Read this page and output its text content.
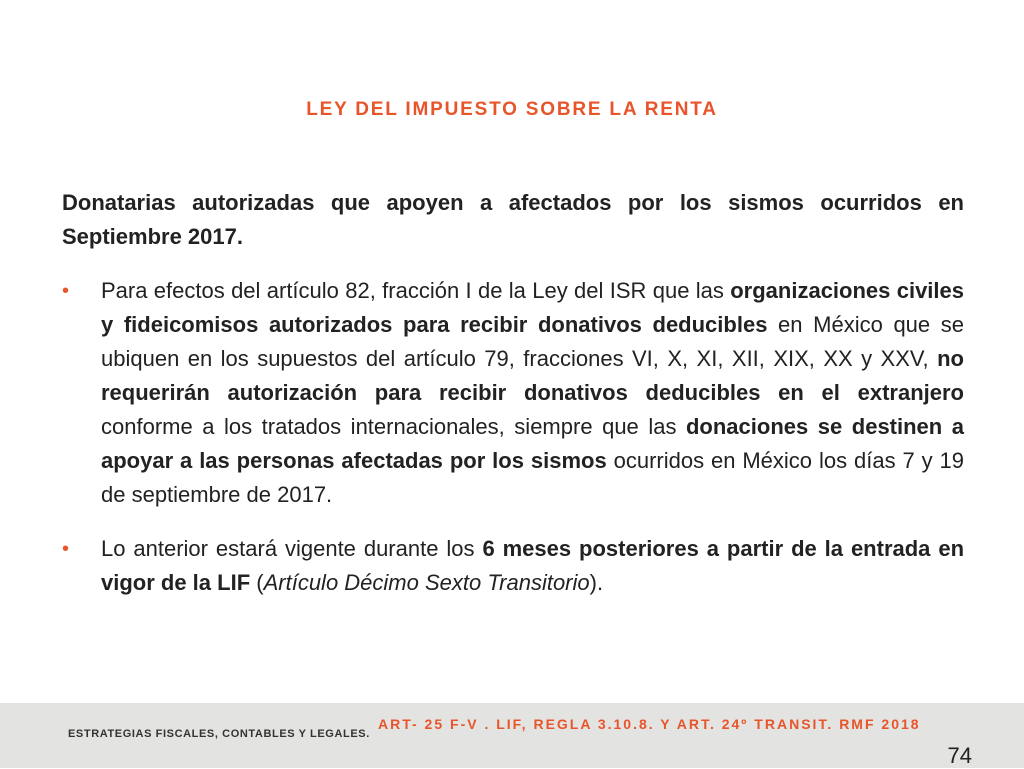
LEY DEL IMPUESTO SOBRE LA RENTA

Donatarias autorizadas que apoyen a afectados por los sismos ocurridos en Septiembre 2017.

• Para efectos del artículo 82, fracción I de la Ley del ISR que las organizaciones civiles y fideicomisos autorizados para recibir donativos deducibles en México que se ubiquen en los supuestos del artículo 79, fracciones VI, X, XI, XII, XIX, XX y XXV, no requerirán autorización para recibir donativos deducibles en el extranjero conforme a los tratados internacionales, siempre que las donaciones se destinen a apoyar a las personas afectadas por los sismos ocurridos en México los días 7 y 19 de septiembre de 2017.

• Lo anterior estará vigente durante los 6 meses posteriores a partir de la entrada en vigor de la LIF (Artículo Décimo Sexto Transitorio).

ESTRATEGIAS FISCALES, CONTABLES Y LEGALES.
ART- 25 F-V . LIF, REGLA 3.10.8. Y ART. 24º TRANSIT. RMF 2018
74
